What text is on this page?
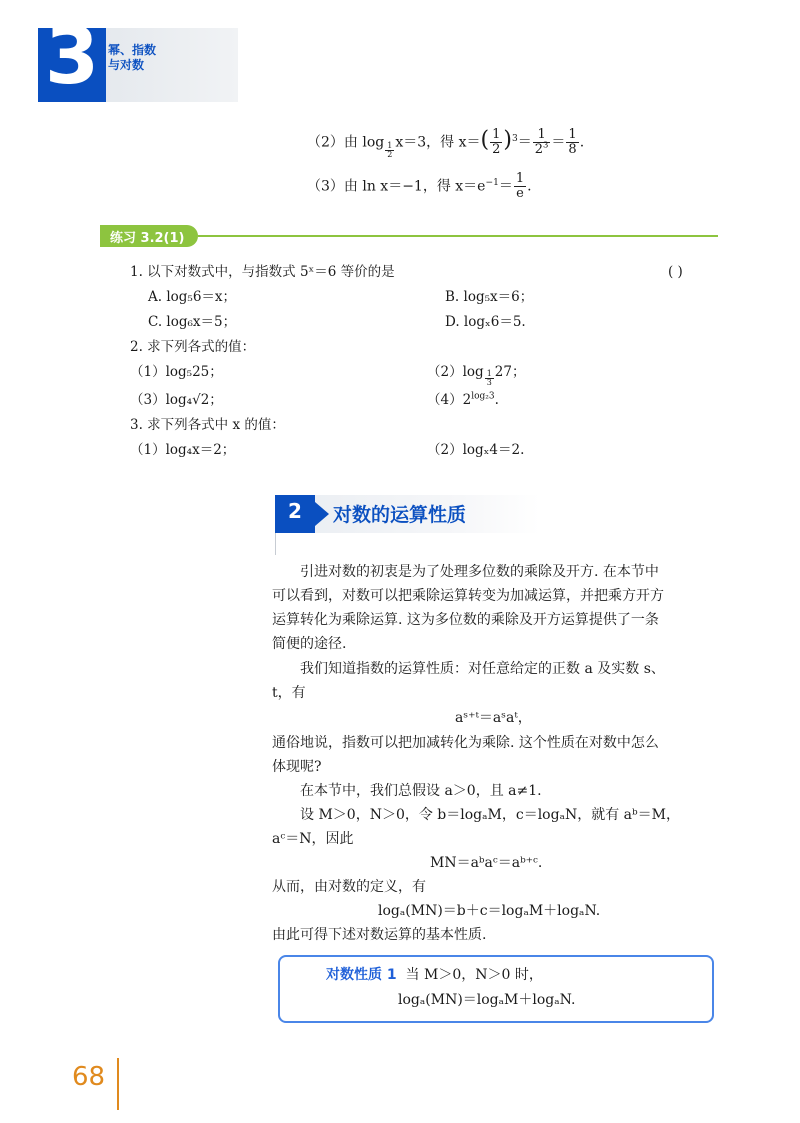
3 幂、指数
与对数
（2）由 $\log \frac{1}{2} x=3$，得 $x=( \frac{1}{2} )^3= \frac{1}{2^3} = \frac{1}{8}$ .
（3）由 ln x＝−1，得 $x=e^{-1}= \frac{1}{e}$ .
练习 3.2(1)
1. 以下对数式中，与指数式 5ˣ＝6 等价的是	( )
A. log₅6＝x；	B. log₅x＝6；
C. log₆x＝5；	D. logₓ6＝5.
2. 求下列各式的值：
（1）log₅25；	$(2)\log \frac{1}{3} 27$；
（3）log₄√2；	$(4)2^{log_23}$.
3. 求下列各式中 x 的值：
（1）log₄x＝2；	（2）logₓ4＝2.
2	对数的运算性质
引进对数的初衷是为了处理多位数的乘除及开方. 在本节中
可以看到，对数可以把乘除运算转变为加减运算，并把乘方开方
运算转化为乘除运算. 这为多位数的乘除及开方运算提供了一条
简便的途径.
我们知道指数的运算性质：对任意给定的正数 a 及实数 s、
t，有
aˢ⁺ᵗ＝aˢaᵗ，
通俗地说，指数可以把加减转化为乘除. 这个性质在对数中怎么
体现呢?
在本节中，我们总假设 a＞0，且 a≠1.
设 M＞0，N＞0，令 b＝logₐM，c＝logₐN，就有 aᵇ＝M，
aᶜ＝N，因此
MN＝aᵇaᶜ＝aᵇ⁺ᶜ.
从而，由对数的定义，有
logₐ(MN)＝b＋c＝logₐM＋logₐN.
由此可得下述对数运算的基本性质.
对数性质 1 当 M＞0，N＞0 时，
logₐ(MN)＝logₐM＋logₐN.
68
